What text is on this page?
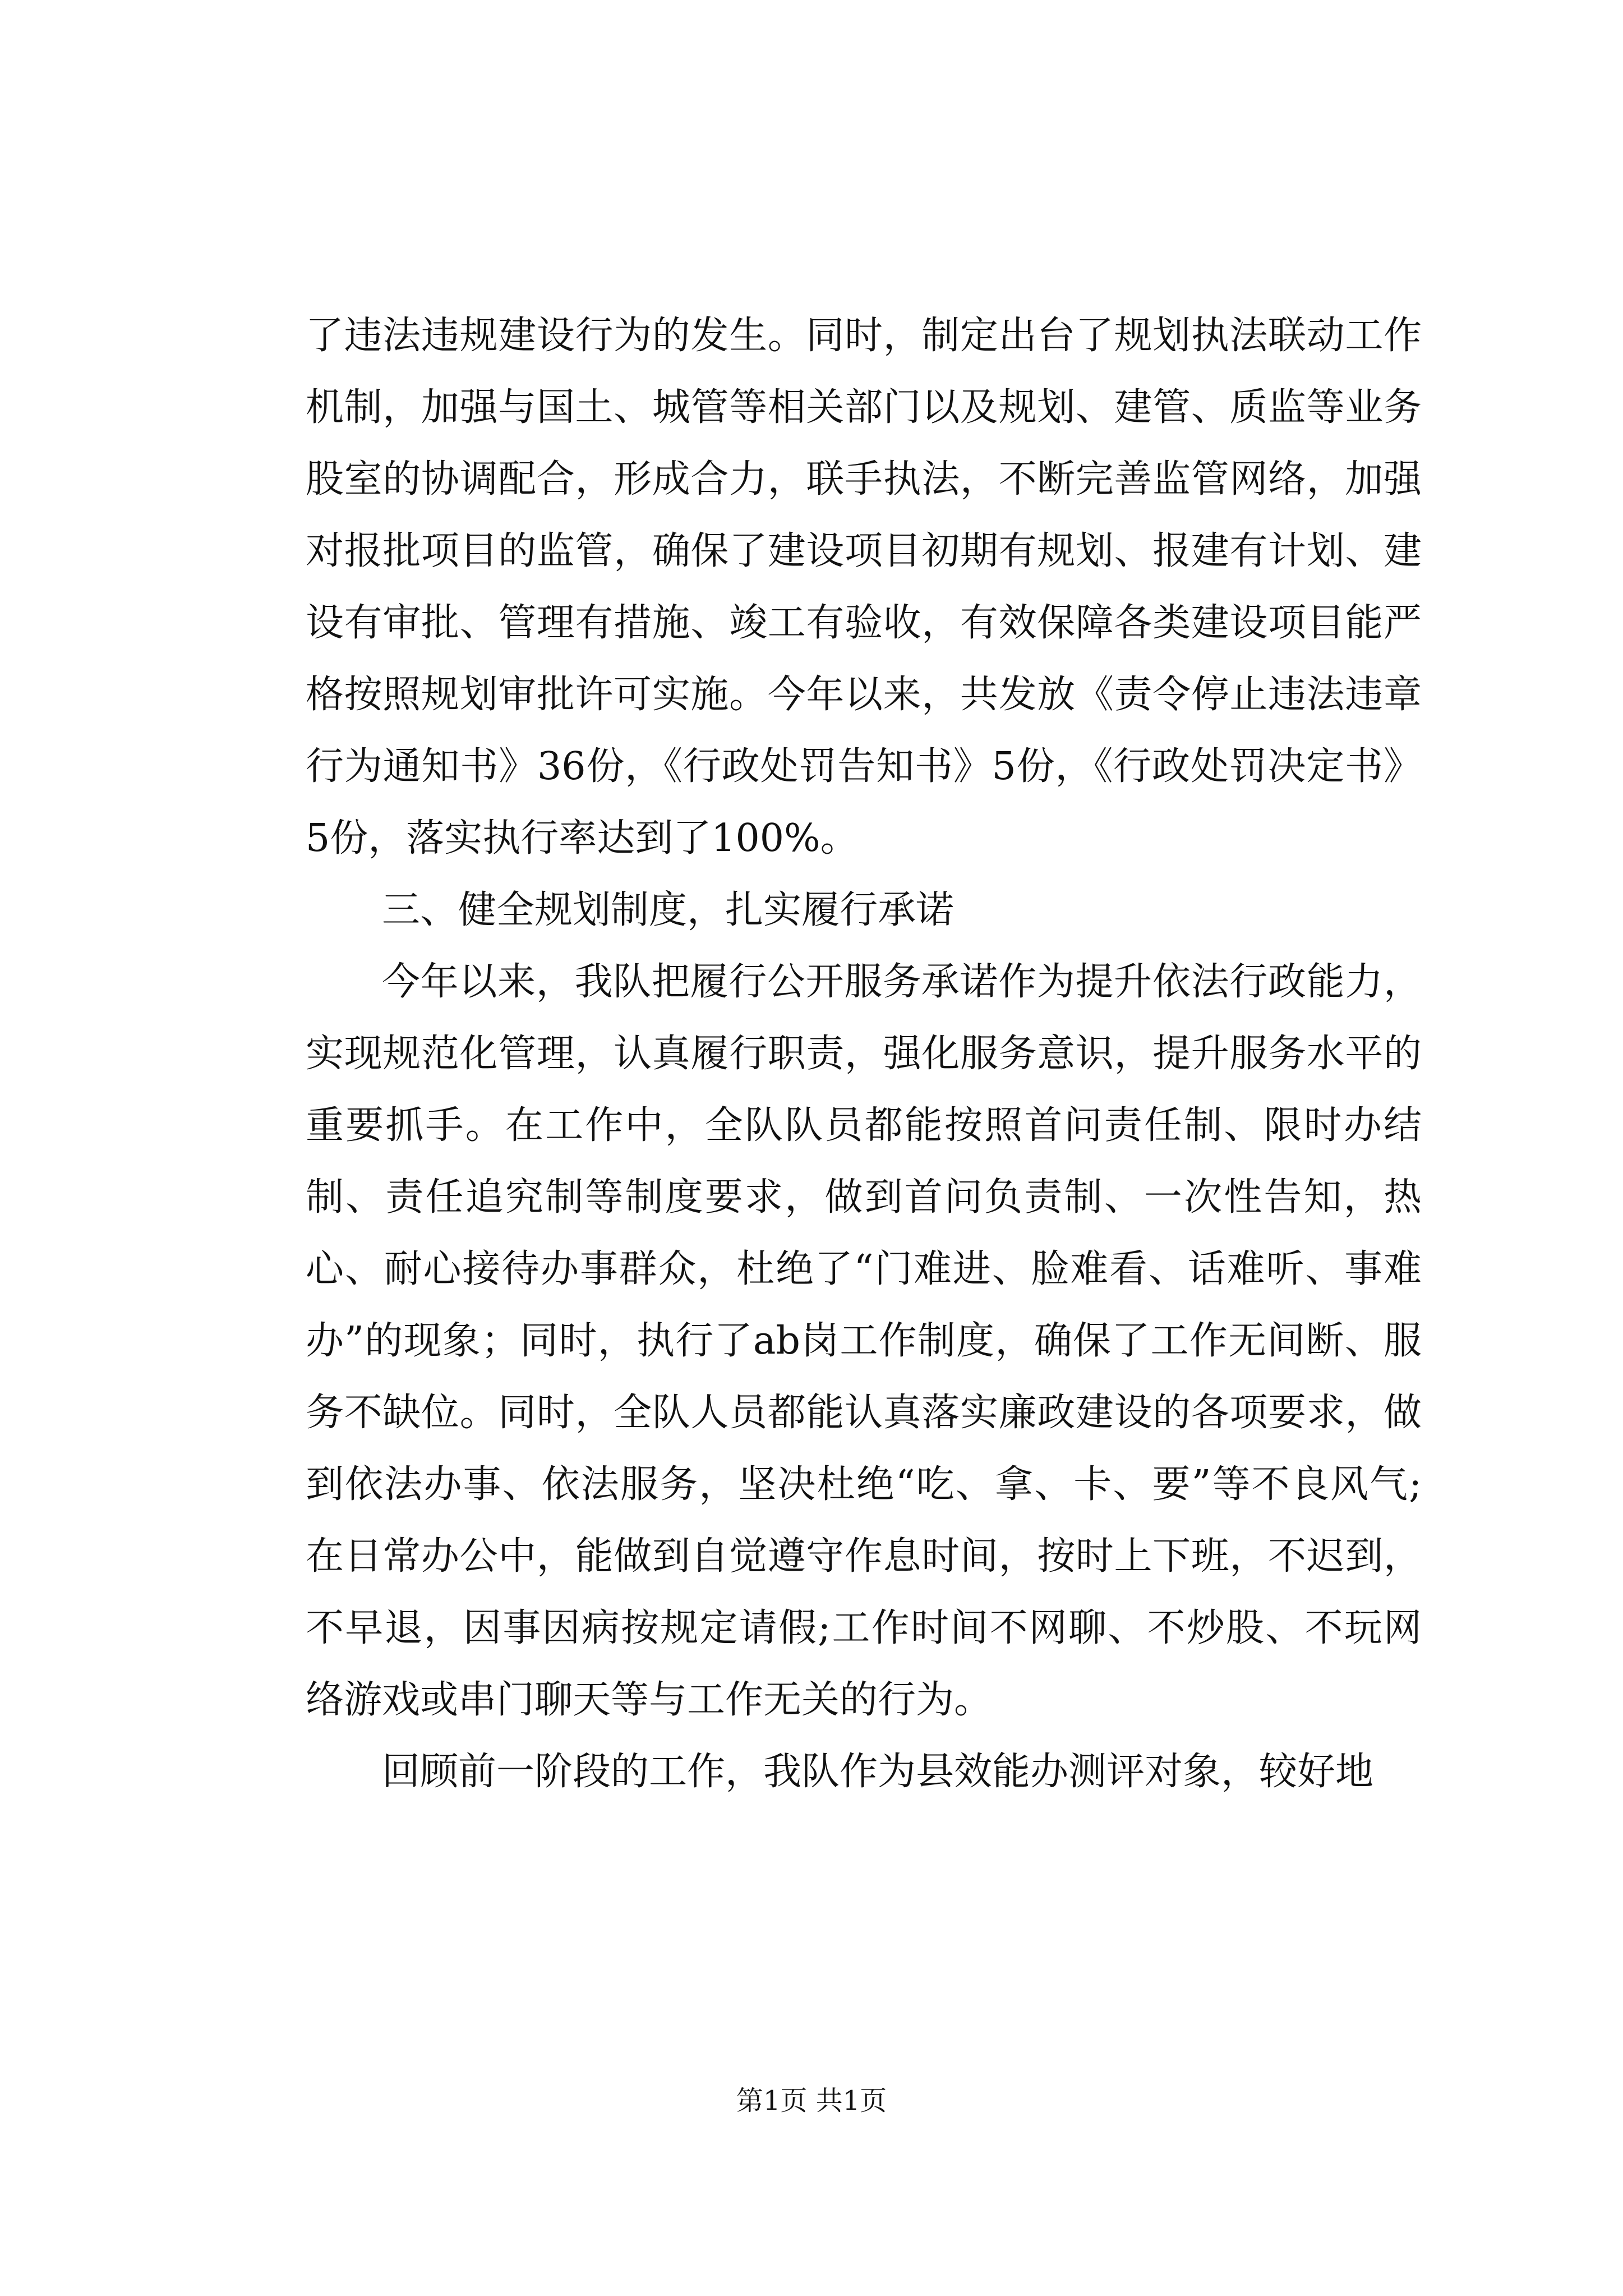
了违法违规建设行为的发生。同时，制定出台了规划执法联动工作机制，加强与国土、城管等相关部门以及规划、建管、质监等业务股室的协调配合，形成合力，联手执法，不断完善监管网络，加强对报批项目的监管，确保了建设项目初期有规划、报建有计划、建设有审批、管理有措施、竣工有验收，有效保障各类建设项目能严格按照规划审批许可实施。今年以来，共发放《责令停止违法违章行为通知书》36份，《行政处罚告知书》5份，《行政处罚决定书》5份，落实执行率达到了100%。

三、健全规划制度，扎实履行承诺

今年以来，我队把履行公开服务承诺作为提升依法行政能力，实现规范化管理，认真履行职责，强化服务意识，提升服务水平的重要抓手。在工作中，全队队员都能按照首问责任制、限时办结制、责任追究制等制度要求，做到首问负责制、一次性告知，热心、耐心接待办事群众，杜绝了“门难进、脸难看、话难听、事难办”的现象；同时，执行了ab岗工作制度，确保了工作无间断、服务不缺位。同时，全队人员都能认真落实廉政建设的各项要求，做到依法办事、依法服务，坚决杜绝“吃、拿、卡、要”等不良风气;在日常办公中，能做到自觉遵守作息时间，按时上下班，不迟到，不早退，因事因病按规定请假;工作时间不网聊、不炒股、不玩网络游戏或串门聊天等与工作无关的行为。

回顾前一阶段的工作，我队作为县效能办测评对象，较好地

第1页 共1页
